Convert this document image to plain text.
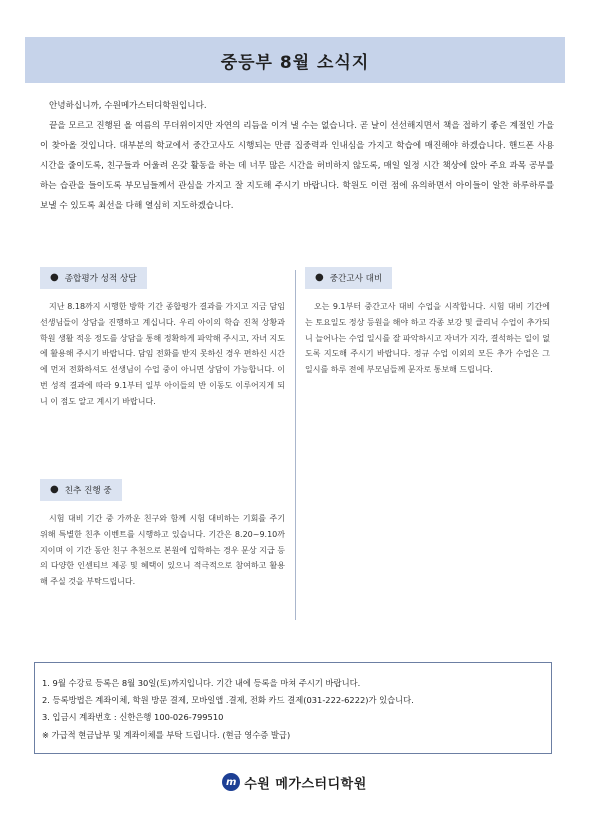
중등부 8월 소식지

안녕하십니까, 수원메가스터디학원입니다.

끝을 모르고 진행된 올 여름의 무더위이지만 자연의 리듬을 이겨 낼 수는 없습니다. 곧 날이 선선해지면서 책을 접하기 좋은 계절인 가을이 찾아올 것입니다. 대부분의 학교에서 중간고사도 시행되는 만큼 집중력과 인내심을 가지고 학습에 매진해야 하겠습니다. 핸드폰 사용 시간을 줄이도록, 친구들과 어울려 온갖 활동을 하는 데 너무 많은 시간을 허비하지 않도록, 매일 일정 시간 책상에 앉아 주요 과목 공부를 하는 습관을 들이도록 부모님들께서 관심을 가지고 잘 지도해 주시기 바랍니다. 학원도 이런 점에 유의하면서 아이들이 알찬 하루하루를 보낼 수 있도록 최선을 다해 열심히 지도하겠습니다.

● 종합평가 성적 상담

지난 8.18까지 시행한 방학 기간 종합평가 결과를 가지고 지금 담임선생님들이 상담을 진행하고 계십니다. 우리 아이의 학습 진척 상황과 학원 생활 적응 정도를 상담을 통해 정확하게 파악해 주시고, 자녀 지도에 활용해 주시기 바랍니다. 담임 전화를 받지 못하신 경우 편하신 시간에 먼저 전화하셔도 선생님이 수업 중이 아니면 상담이 가능합니다. 이번 성적 결과에 따라 9.1부터 일부 아이들의 반 이동도 이루어지게 되니 이 점도 알고 계시기 바랍니다.

● 친추 진행 중

시험 대비 기간 중 가까운 친구와 함께 시험 대비하는 기회를 주기 위해 특별한 친추 이벤트를 시행하고 있습니다. 기간은 8.20~9.10까지이며 이 기간 동안 친구 추천으로 본원에 입학하는 경우 문상 지급 등의 다양한 인센티브 제공 및 혜택이 있으니 적극적으로 참여하고 활용해 주실 것을 부탁드립니다.

● 중간고사 대비

오는 9.1부터 중간고사 대비 수업을 시작합니다. 시험 대비 기간에는 토요일도 정상 등원을 해야 하고 각종 보강 및 클리닉 수업이 추가되니 늘어나는 수업 일시를 잘 파악하시고 자녀가 지각, 결석하는 일이 없도록 지도해 주시기 바랍니다. 정규 수업 이외의 모든 추가 수업은 그 일시를 하루 전에 부모님들께 문자로 통보해 드립니다.

1. 9월 수강료 등록은 8월 30일(토)까지입니다. 기간 내에 등록을 마쳐 주시기 바랍니다.
2. 등록방법은 계좌이체, 학원 방문 결제, 모바일앱 .결제, 전화 카드 결제(031-222-6222)가 있습니다.
3. 입금시 계좌번호 : 신한은행 100-026-799510
※ 가급적 현금납부 및 계좌이체를 부탁 드립니다. (현금 영수증 발급)
m 수원 메가스터디학원
